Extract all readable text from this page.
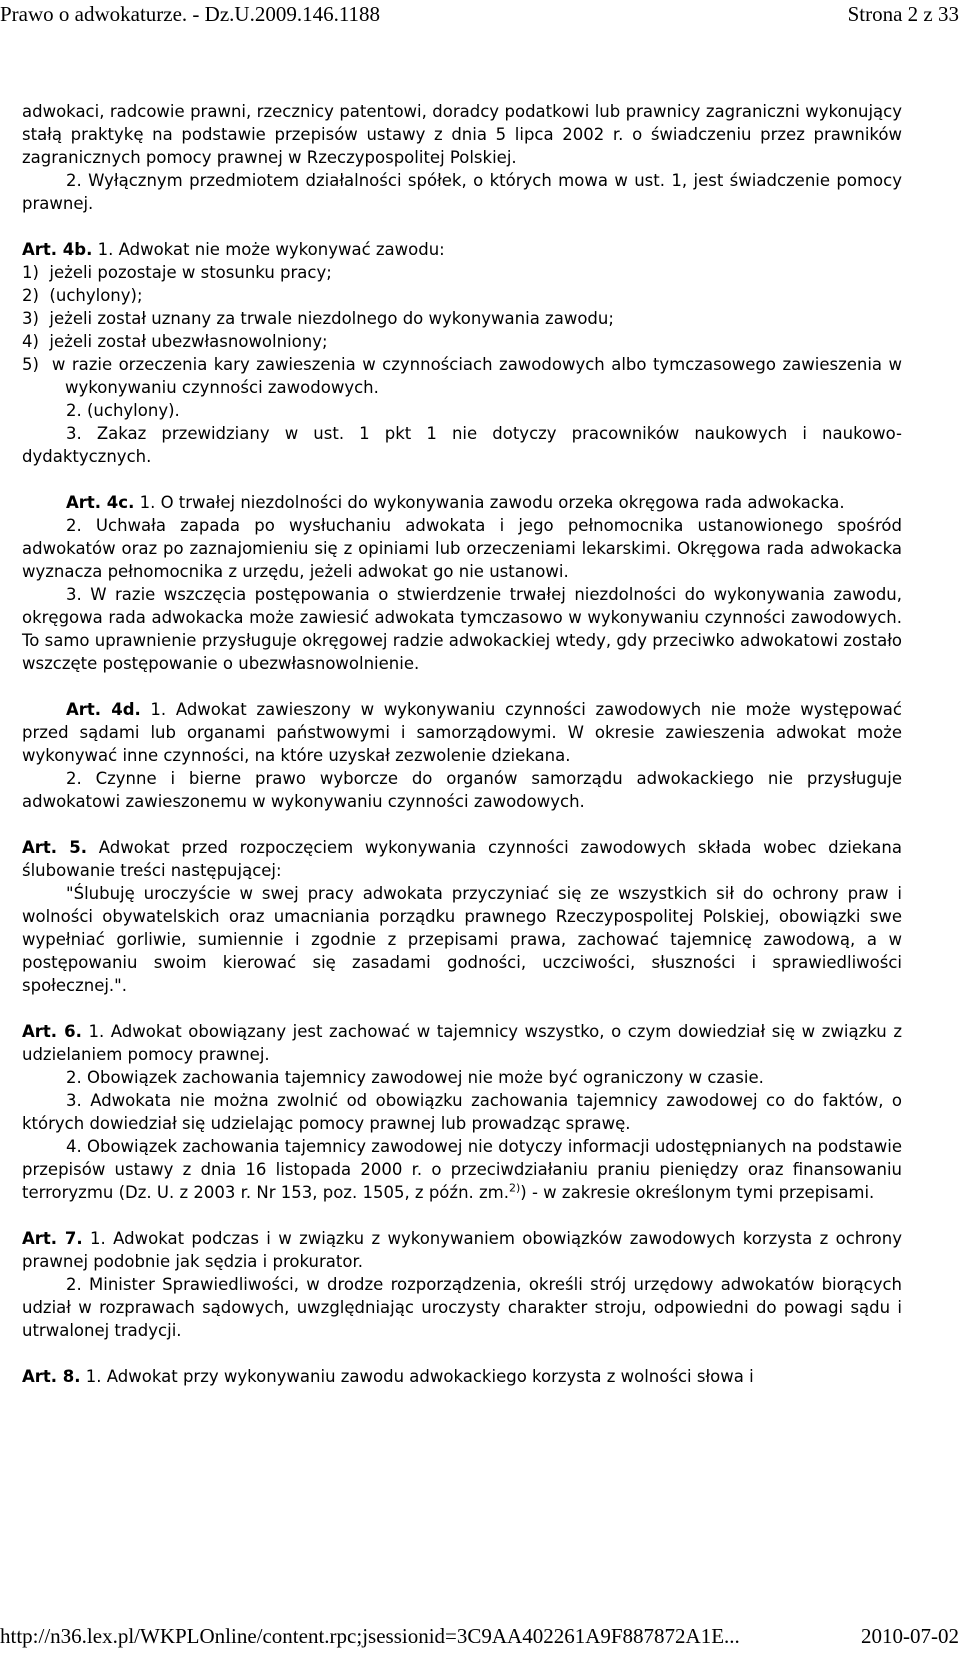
Prawo o adwokaturze. - Dz.U.2009.146.1188	Strona 2 z 33

adwokaci, radcowie prawni, rzecznicy patentowi, doradcy podatkowi lub prawnicy zagraniczni wykonujący stałą praktykę na podstawie przepisów ustawy z dnia 5 lipca 2002 r. o świadczeniu przez prawników zagranicznych pomocy prawnej w Rzeczypospolitej Polskiej.

2. Wyłącznym przedmiotem działalności spółek, o których mowa w ust. 1, jest świadczenie pomocy prawnej.

Art. 4b. 1. Adwokat nie może wykonywać zawodu:

1)  jeżeli pozostaje w stosunku pracy;

2)  (uchylony);

3)  jeżeli został uznany za trwale niezdolnego do wykonywania zawodu;

4)  jeżeli został ubezwłasnowolniony;

5)  w razie orzeczenia kary zawieszenia w czynnościach zawodowych albo tymczasowego zawieszenia w wykonywaniu czynności zawodowych.

2. (uchylony).

3. Zakaz przewidziany w ust. 1 pkt 1 nie dotyczy pracowników naukowych i naukowo-dydaktycznych.

Art. 4c. 1. O trwałej niezdolności do wykonywania zawodu orzeka okręgowa rada adwokacka.

2. Uchwała zapada po wysłuchaniu adwokata i jego pełnomocnika ustanowionego spośród adwokatów oraz po zaznajomieniu się z opiniami lub orzeczeniami lekarskimi. Okręgowa rada adwokacka wyznacza pełnomocnika z urzędu, jeżeli adwokat go nie ustanowi.

3. W razie wszczęcia postępowania o stwierdzenie trwałej niezdolności do wykonywania zawodu, okręgowa rada adwokacka może zawiesić adwokata tymczasowo w wykonywaniu czynności zawodowych. To samo uprawnienie przysługuje okręgowej radzie adwokackiej wtedy, gdy przeciwko adwokatowi zostało wszczęte postępowanie o ubezwłasnowolnienie.

Art. 4d. 1. Adwokat zawieszony w wykonywaniu czynności zawodowych nie może występować przed sądami lub organami państwowymi i samorządowymi. W okresie zawieszenia adwokat może wykonywać inne czynności, na które uzyskał zezwolenie dziekana.

2. Czynne i bierne prawo wyborcze do organów samorządu adwokackiego nie przysługuje adwokatowi zawieszonemu w wykonywaniu czynności zawodowych.

Art. 5. Adwokat przed rozpoczęciem wykonywania czynności zawodowych składa wobec dziekana ślubowanie treści następującej:

"Ślubuję uroczyście w swej pracy adwokata przyczyniać się ze wszystkich sił do ochrony praw i wolności obywatelskich oraz umacniania porządku prawnego Rzeczypospolitej Polskiej, obowiązki swe wypełniać gorliwie, sumiennie i zgodnie z przepisami prawa, zachować tajemnicę zawodową, a w postępowaniu swoim kierować się zasadami godności, uczciwości, słuszności i sprawiedliwości społecznej.".

Art. 6. 1. Adwokat obowiązany jest zachować w tajemnicy wszystko, o czym dowiedział się w związku z udzielaniem pomocy prawnej.

2. Obowiązek zachowania tajemnicy zawodowej nie może być ograniczony w czasie.

3. Adwokata nie można zwolnić od obowiązku zachowania tajemnicy zawodowej co do faktów, o których dowiedział się udzielając pomocy prawnej lub prowadząc sprawę.

4. Obowiązek zachowania tajemnicy zawodowej nie dotyczy informacji udostępnianych na podstawie przepisów ustawy z dnia 16 listopada 2000 r. o przeciwdziałaniu praniu pieniędzy oraz finansowaniu terroryzmu (Dz. U. z 2003 r. Nr 153, poz. 1505, z późn. zm.$^{2)}$) - w zakresie określonym tymi przepisami.

Art. 7. 1. Adwokat podczas i w związku z wykonywaniem obowiązków zawodowych korzysta z ochrony prawnej podobnie jak sędzia i prokurator.

2. Minister Sprawiedliwości, w drodze rozporządzenia, określi strój urzędowy adwokatów biorących udział w rozprawach sądowych, uwzględniając uroczysty charakter stroju, odpowiedni do powagi sądu i utrwalonej tradycji.

Art. 8. 1. Adwokat przy wykonywaniu zawodu adwokackiego korzysta z wolności słowa i

http://n36.lex.pl/WKPLOnline/content.rpc;jsessionid=3C9AA402261A9F887872A1E...	2010-07-02
